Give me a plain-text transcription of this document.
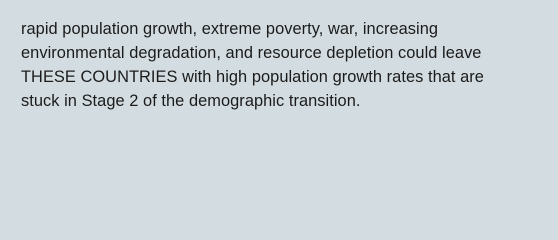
rapid population growth, extreme poverty, war, increasing
environmental degradation, and resource depletion could leave
THESE COUNTRIES with high population growth rates that are
stuck in Stage 2 of the demographic transition.
